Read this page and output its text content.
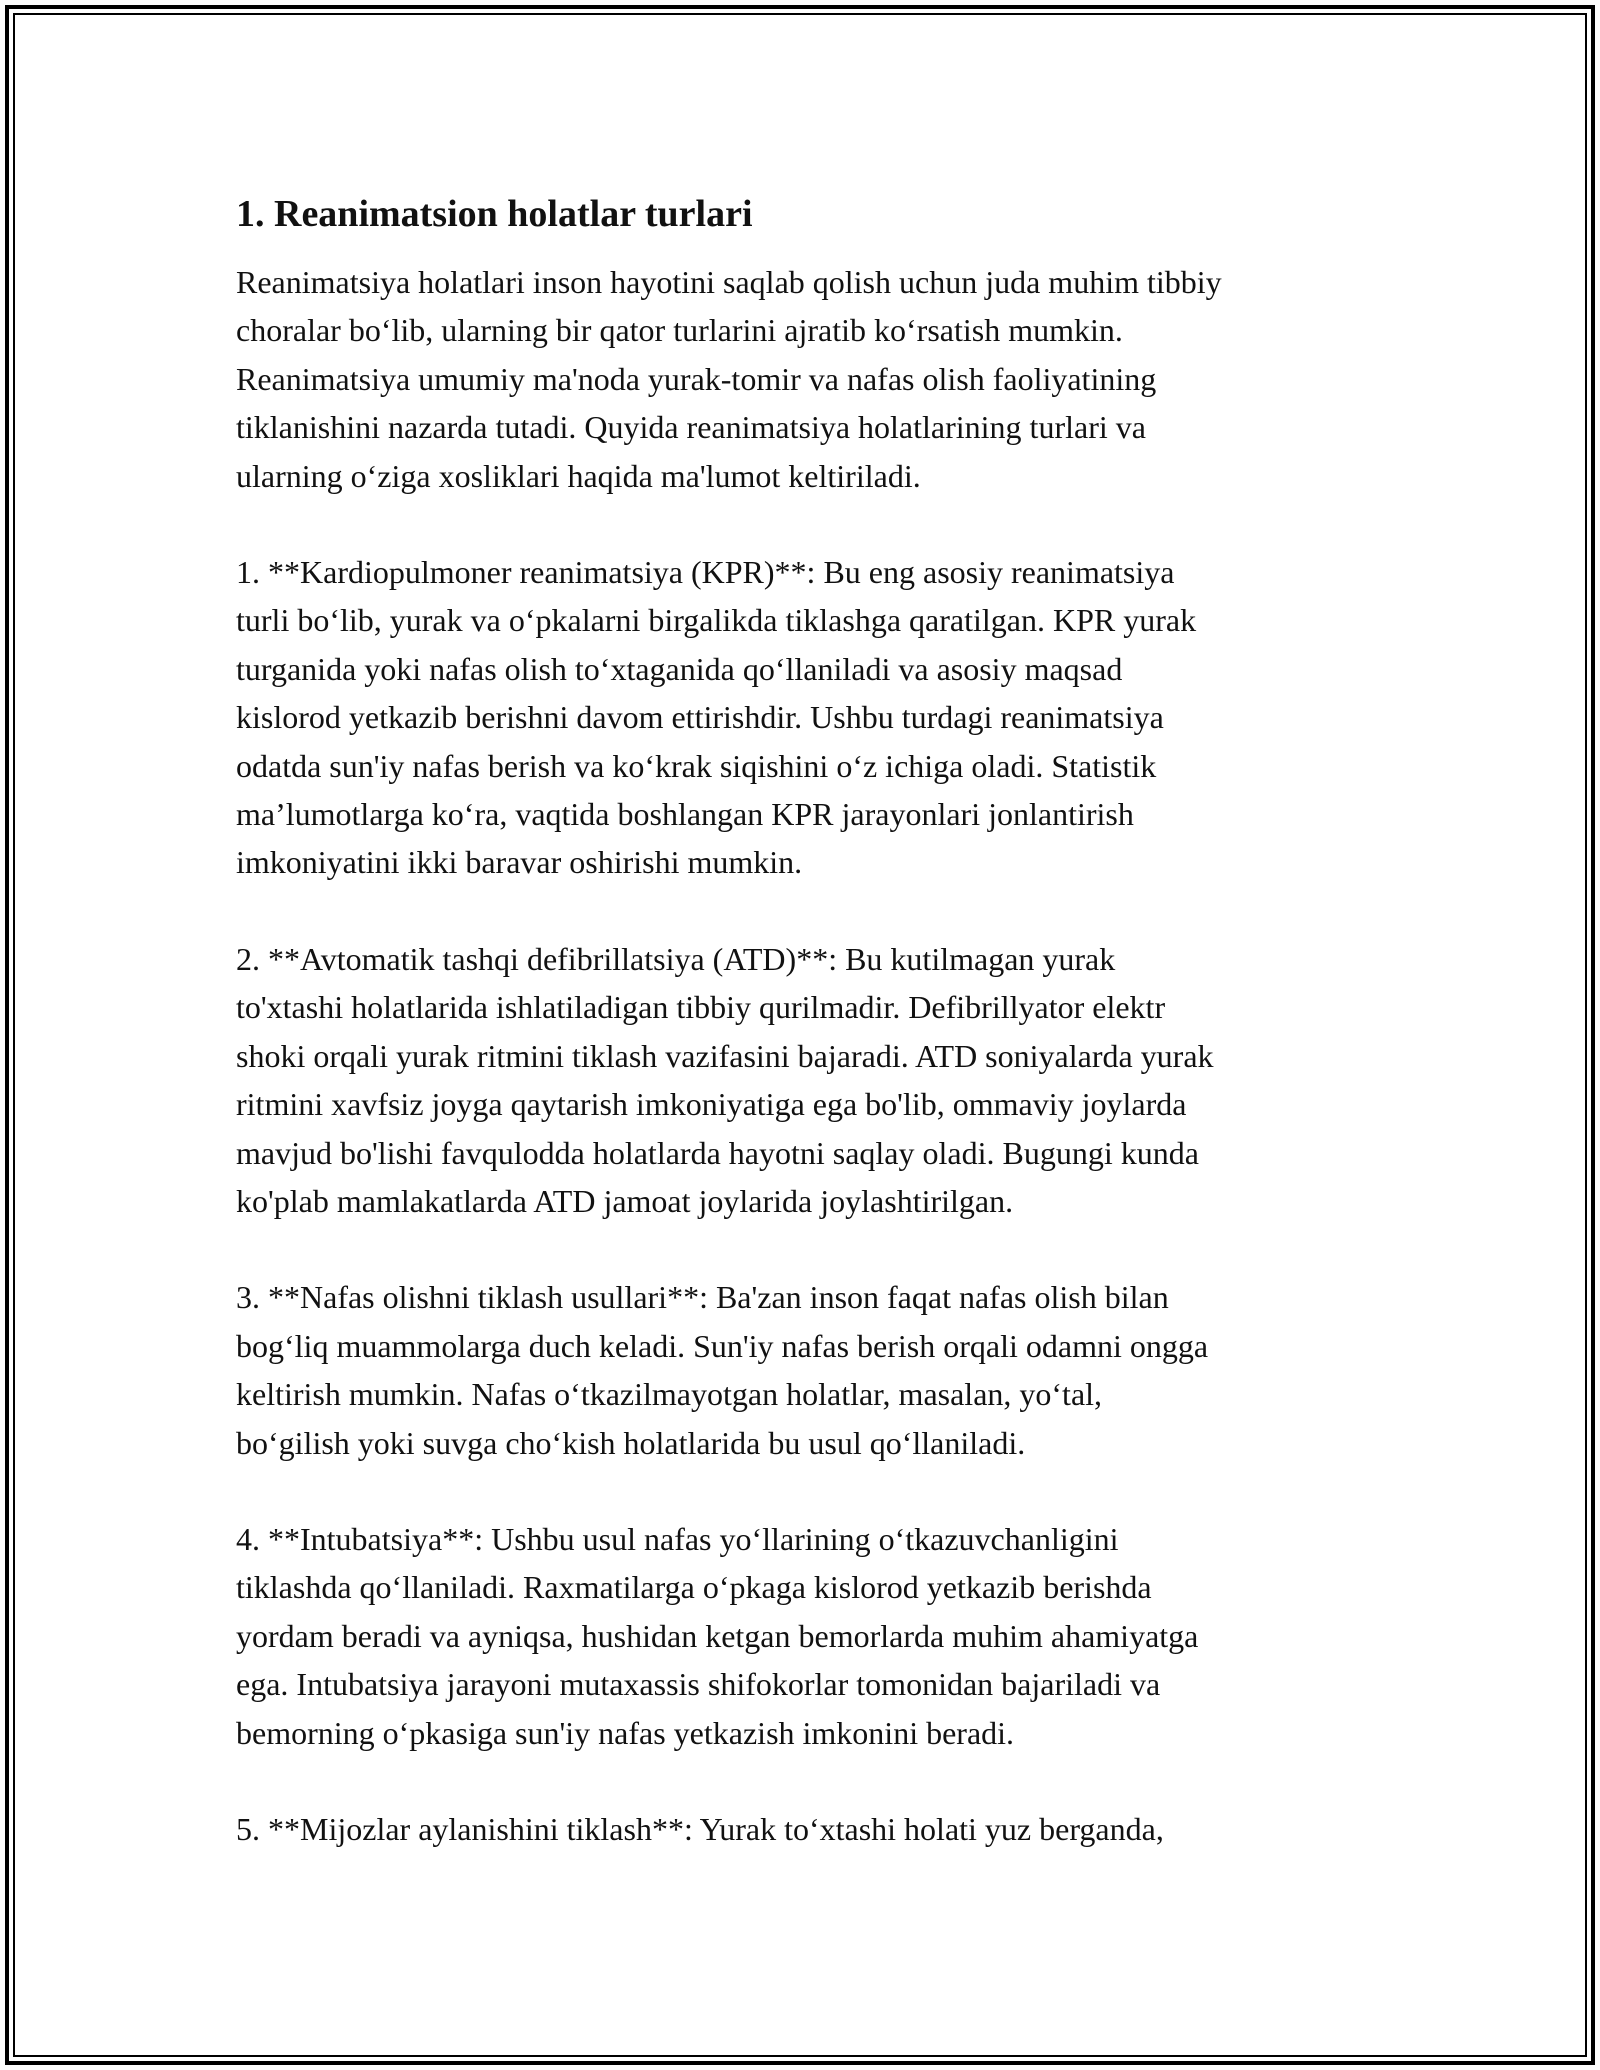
1. Reanimatsion holatlar turlari

Reanimatsiya holatlari inson hayotini saqlab qolish uchun juda muhim tibbiy
choralar bo‘lib, ularning bir qator turlarini ajratib ko‘rsatish mumkin.
Reanimatsiya umumiy ma'noda yurak-tomir va nafas olish faoliyatining
tiklanishini nazarda tutadi. Quyida reanimatsiya holatlarining turlari va
ularning o‘ziga xosliklari haqida ma'lumot keltiriladi.

1. **Kardiopulmoner reanimatsiya (KPR)**: Bu eng asosiy reanimatsiya
turli bo‘lib, yurak va o‘pkalarni birgalikda tiklashga qaratilgan. KPR yurak
turganida yoki nafas olish to‘xtaganida qo‘llaniladi va asosiy maqsad
kislorod yetkazib berishni davom ettirishdir. Ushbu turdagi reanimatsiya
odatda sun'iy nafas berish va ko‘krak siqishini o‘z ichiga oladi. Statistik
ma’lumotlarga ko‘ra, vaqtida boshlangan KPR jarayonlari jonlantirish
imkoniyatini ikki baravar oshirishi mumkin.

2. **Avtomatik tashqi defibrillatsiya (ATD)**: Bu kutilmagan yurak
to'xtashi holatlarida ishlatiladigan tibbiy qurilmadir. Defibrillyator elektr
shoki orqali yurak ritmini tiklash vazifasini bajaradi. ATD soniyalarda yurak
ritmini xavfsiz joyga qaytarish imkoniyatiga ega bo'lib, ommaviy joylarda
mavjud bo'lishi favqulodda holatlarda hayotni saqlay oladi. Bugungi kunda
ko'plab mamlakatlarda ATD jamoat joylarida joylashtirilgan.

3. **Nafas olishni tiklash usullari**: Ba'zan inson faqat nafas olish bilan
bog‘liq muammolarga duch keladi. Sun'iy nafas berish orqali odamni ongga
keltirish mumkin. Nafas o‘tkazilmayotgan holatlar, masalan, yo‘tal,
bo‘gilish yoki suvga cho‘kish holatlarida bu usul qo‘llaniladi.

4. **Intubatsiya**: Ushbu usul nafas yo‘llarining o‘tkazuvchanligini
tiklashda qo‘llaniladi. Raxmatilarga o‘pkaga kislorod yetkazib berishda
yordam beradi va ayniqsa, hushidan ketgan bemorlarda muhim ahamiyatga
ega. Intubatsiya jarayoni mutaxassis shifokorlar tomonidan bajariladi va
bemorning o‘pkasiga sun'iy nafas yetkazish imkonini beradi.

5. **Mijozlar aylanishini tiklash**: Yurak to‘xtashi holati yuz berganda,
